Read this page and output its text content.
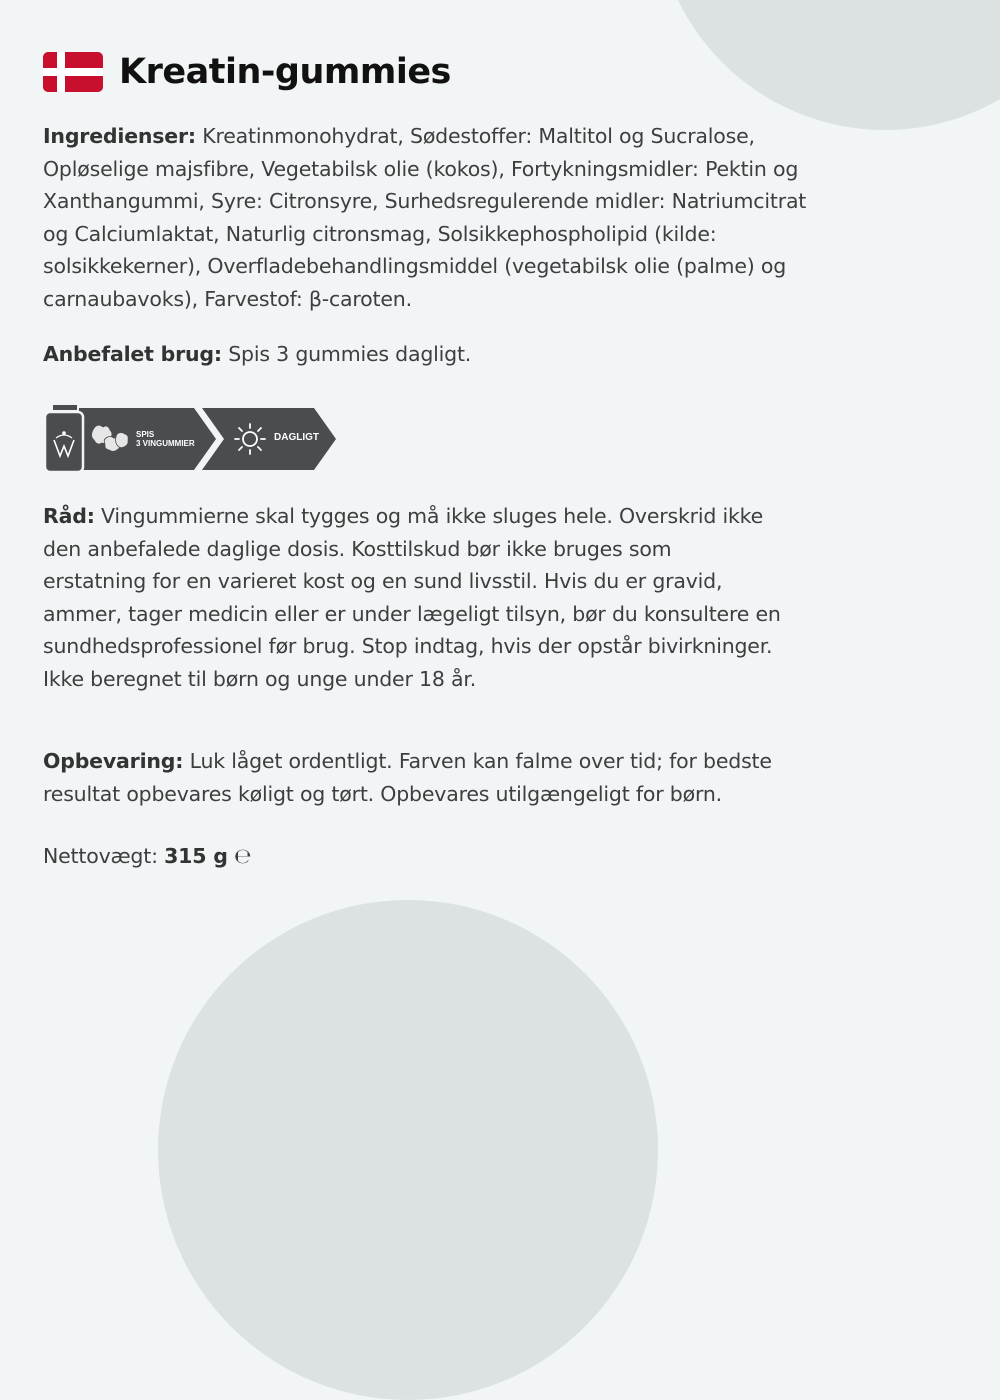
Kreatin-gummies
Ingredienser: Kreatinmonohydrat, Sødestoffer: Maltitol og Sucralose,
Opløselige majsfibre, Vegetabilsk olie (kokos), Fortykningsmidler: Pektin og
Xanthangummi, Syre: Citronsyre, Surhedsregulerende midler: Natriumcitrat
og Calciumlaktat, Naturlig citronsmag, Solsikkephospholipid (kilde:
solsikkekerner), Overfladebehandlingsmiddel (vegetabilsk olie (palme) og
carnaubavoks), Farvestof: β-caroten.
Anbefalet brug: Spis 3 gummies dagligt.
SPIS
3 VINGUMMIER
DAGLIGT
Råd: Vingummierne skal tygges og må ikke sluges hele. Overskrid ikke
den anbefalede daglige dosis. Kosttilskud bør ikke bruges som
erstatning for en varieret kost og en sund livsstil. Hvis du er gravid,
ammer, tager medicin eller er under lægeligt tilsyn, bør du konsultere en
sundhedsprofessionel før brug. Stop indtag, hvis der opstår bivirkninger.
Ikke beregnet til børn og unge under 18 år.
Opbevaring: Luk låget ordentligt. Farven kan falme over tid; for bedste
resultat opbevares køligt og tørt. Opbevares utilgængeligt for børn.
Nettovægt: 315 g ℮
